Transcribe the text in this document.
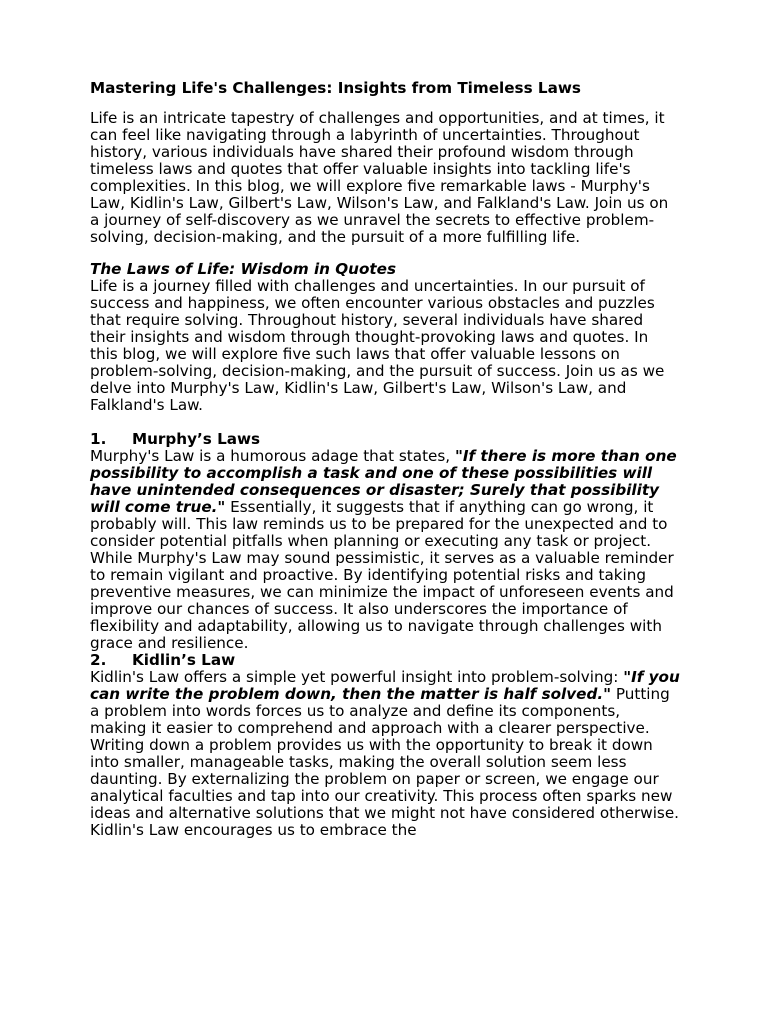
Mastering Life's Challenges: Insights from Timeless Laws

Life is an intricate tapestry of challenges and opportunities, and at times, it can feel like navigating through a labyrinth of uncertainties. Throughout history, various individuals have shared their profound wisdom through timeless laws and quotes that offer valuable insights into tackling life's complexities. In this blog, we will explore five remarkable laws - Murphy's Law, Kidlin's Law, Gilbert's Law, Wilson's Law, and Falkland's Law. Join us on a journey of self-discovery as we unravel the secrets to effective problem-solving, decision-making, and the pursuit of a more fulfilling life.

The Laws of Life: Wisdom in Quotes

Life is a journey filled with challenges and uncertainties. In our pursuit of success and happiness, we often encounter various obstacles and puzzles that require solving. Throughout history, several individuals have shared their insights and wisdom through thought-provoking laws and quotes. In this blog, we will explore five such laws that offer valuable lessons on problem-solving, decision-making, and the pursuit of success. Join us as we delve into Murphy's Law, Kidlin's Law, Gilbert's Law, Wilson's Law, and Falkland's Law.

1. Murphy’s Laws

Murphy's Law is a humorous adage that states, "If there is more than one possibility to accomplish a task and one of these possibilities will have unintended consequences or disaster; Surely that possibility will come true." Essentially, it suggests that if anything can go wrong, it probably will. This law reminds us to be prepared for the unexpected and to consider potential pitfalls when planning or executing any task or project.

While Murphy's Law may sound pessimistic, it serves as a valuable reminder to remain vigilant and proactive. By identifying potential risks and taking preventive measures, we can minimize the impact of unforeseen events and improve our chances of success. It also underscores the importance of flexibility and adaptability, allowing us to navigate through challenges with grace and resilience.

2. Kidlin’s Law

Kidlin's Law offers a simple yet powerful insight into problem-solving: "If you can write the problem down, then the matter is half solved." Putting a problem into words forces us to analyze and define its components, making it easier to comprehend and approach with a clearer perspective. Writing down a problem provides us with the opportunity to break it down into smaller, manageable tasks, making the overall solution seem less daunting. By externalizing the problem on paper or screen, we engage our analytical faculties and tap into our creativity. This process often sparks new ideas and alternative solutions that we might not have considered otherwise. Kidlin's Law encourages us to embrace the
